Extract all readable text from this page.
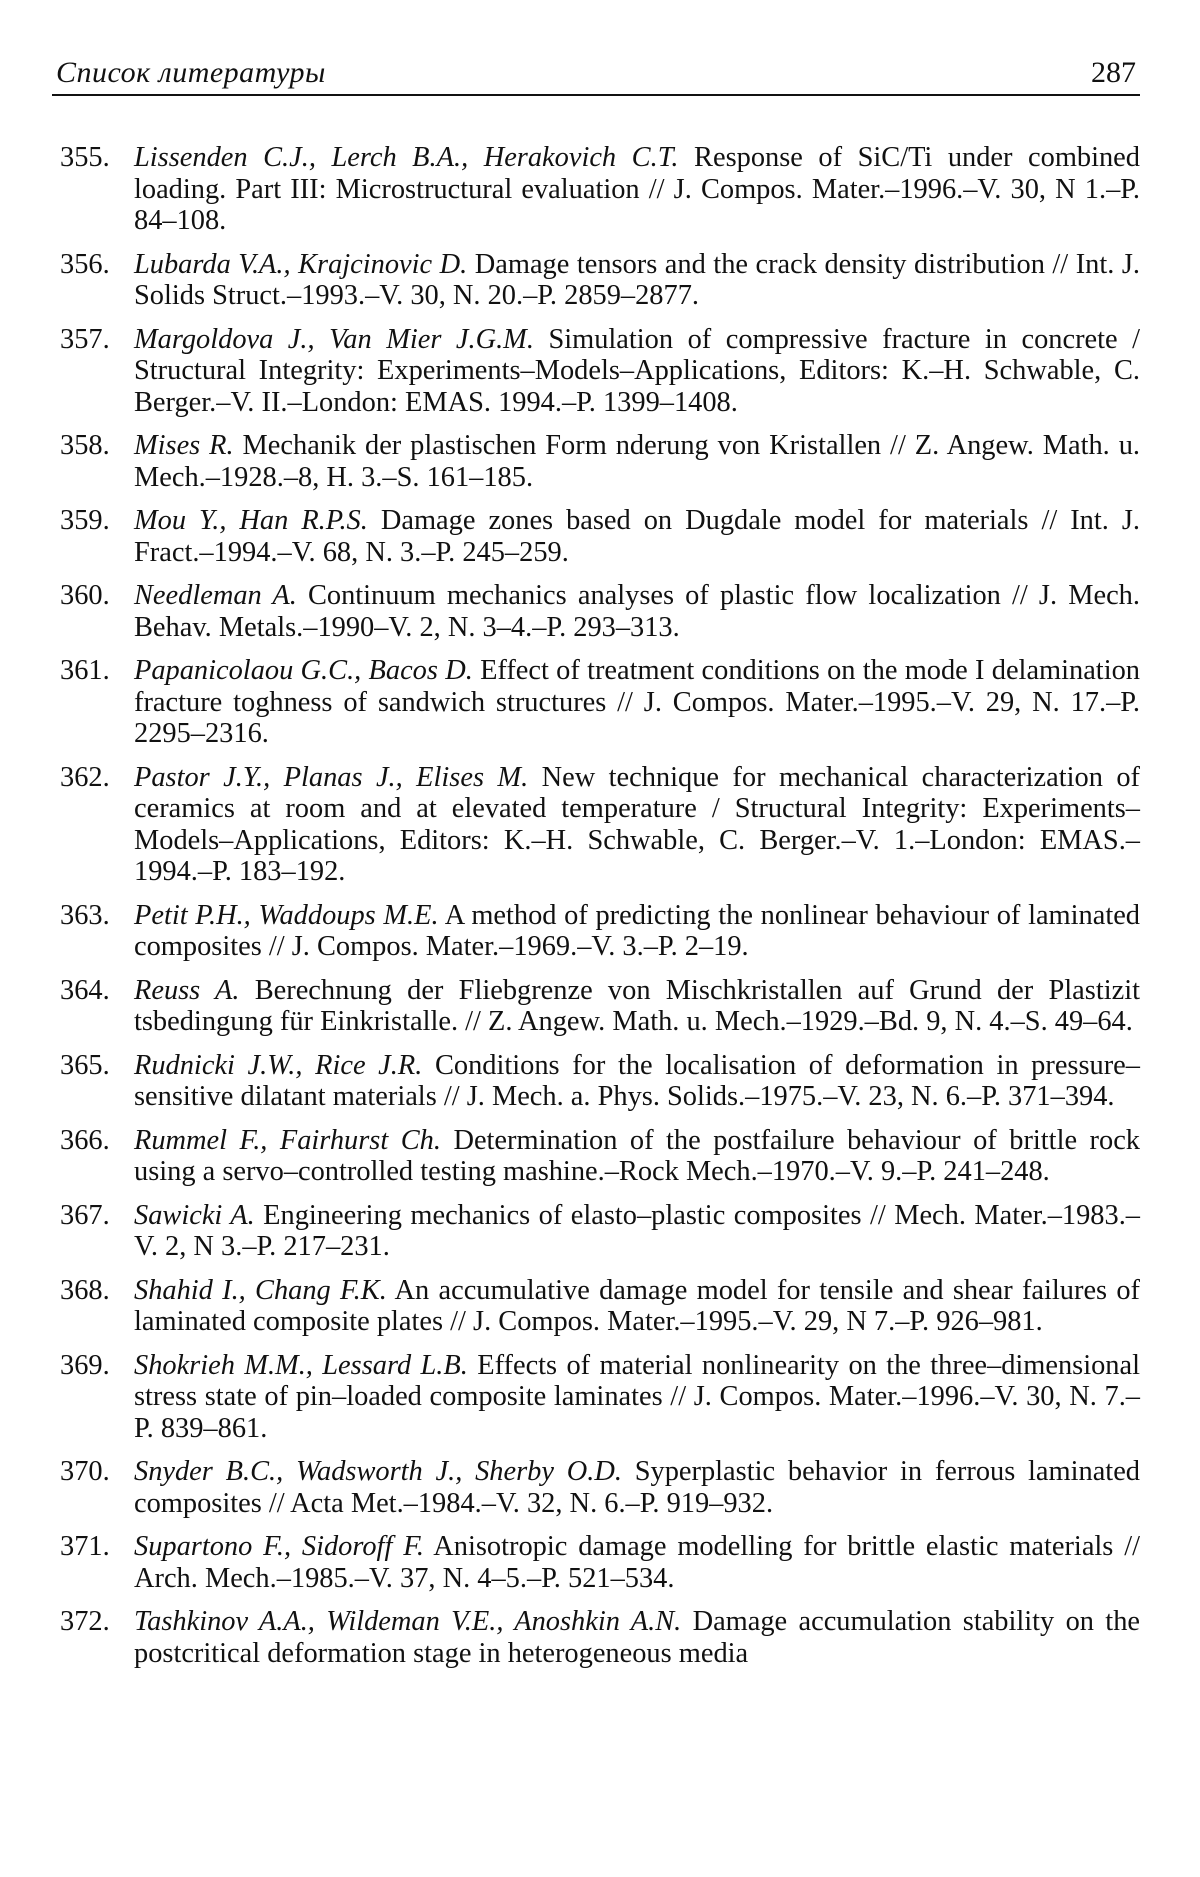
Список литературы	287

355. Lissenden C.J., Lerch B.A., Herakovich C.T. Response of SiC/Ti under combined loading. Part III: Microstructural evaluation // J. Compos. Mater.–1996.–V. 30, N 1.–P. 84–108.

356. Lubarda V.A., Krajcinovic D. Damage tensors and the crack density distribution // Int. J. Solids Struct.–1993.–V. 30, N. 20.–P. 2859–2877.

357. Margoldova J., Van Mier J.G.M. Simulation of compressive fracture in concrete / Structural Integrity: Experiments–Models–Applications, Editors: K.–H. Schwable, C. Berger.–V. II.–London: EMAS. 1994.–P. 1399–1408.

358. Mises R. Mechanik der plastischen Form nderung von Kristallen // Z. Angew. Math. u. Mech.–1928.–8, H. 3.–S. 161–185.

359. Mou Y., Han R.P.S. Damage zones based on Dugdale model for materials // Int. J. Fract.–1994.–V. 68, N. 3.–P. 245–259.

360. Needleman A. Continuum mechanics analyses of plastic flow localization // J. Mech. Behav. Metals.–1990–V. 2, N. 3–4.–P. 293–313.

361. Papanicolaou G.C., Bacos D. Effect of treatment conditions on the mode I delamination fracture toghness of sandwich structures // J. Compos. Mater.–1995.–V. 29, N. 17.–P. 2295–2316.

362. Pastor J.Y., Planas J., Elises M. New technique for mechanical characterization of ceramics at room and at elevated temperature / Structural Integrity: Experiments–Models–Applications, Editors: K.–H. Schwable, C. Berger.–V. 1.–London: EMAS.–1994.–P. 183–192.

363. Petit P.H., Waddoups M.E. A method of predicting the nonlinear behaviour of laminated composites // J. Compos. Mater.–1969.–V. 3.–P. 2–19.

364. Reuss A. Berechnung der Fliebgrenze von Mischkristallen auf Grund der Plastizit tsbedingung für Einkristalle. // Z. Angew. Math. u. Mech.–1929.–Bd. 9, N. 4.–S. 49–64.

365. Rudnicki J.W., Rice J.R. Conditions for the localisation of deformation in pressure–sensitive dilatant materials // J. Mech. a. Phys. Solids.–1975.–V. 23, N. 6.–P. 371–394.

366. Rummel F., Fairhurst Ch. Determination of the postfailure behaviour of brittle rock using a servo–controlled testing mashine.–Rock Mech.–1970.–V. 9.–P. 241–248.

367. Sawicki A. Engineering mechanics of elasto–plastic composites // Mech. Mater.–1983.–V. 2, N 3.–P. 217–231.

368. Shahid I., Chang F.K. An accumulative damage model for tensile and shear failures of laminated composite plates // J. Compos. Mater.–1995.–V. 29, N 7.–P. 926–981.

369. Shokrieh M.M., Lessard L.B. Effects of material nonlinearity on the three–dimensional stress state of pin–loaded composite laminates // J. Compos. Mater.–1996.–V. 30, N. 7.–P. 839–861.

370. Snyder B.C., Wadsworth J., Sherby O.D. Syperplastic behavior in ferrous laminated composites // Acta Met.–1984.–V. 32, N. 6.–P. 919–932.

371. Supartono F., Sidoroff F. Anisotropic damage modelling for brittle elastic materials // Arch. Mech.–1985.–V. 37, N. 4–5.–P. 521–534.

372. Tashkinov A.A., Wildeman V.E., Anoshkin A.N. Damage accumulation stability on the postcritical deformation stage in heterogeneous media
